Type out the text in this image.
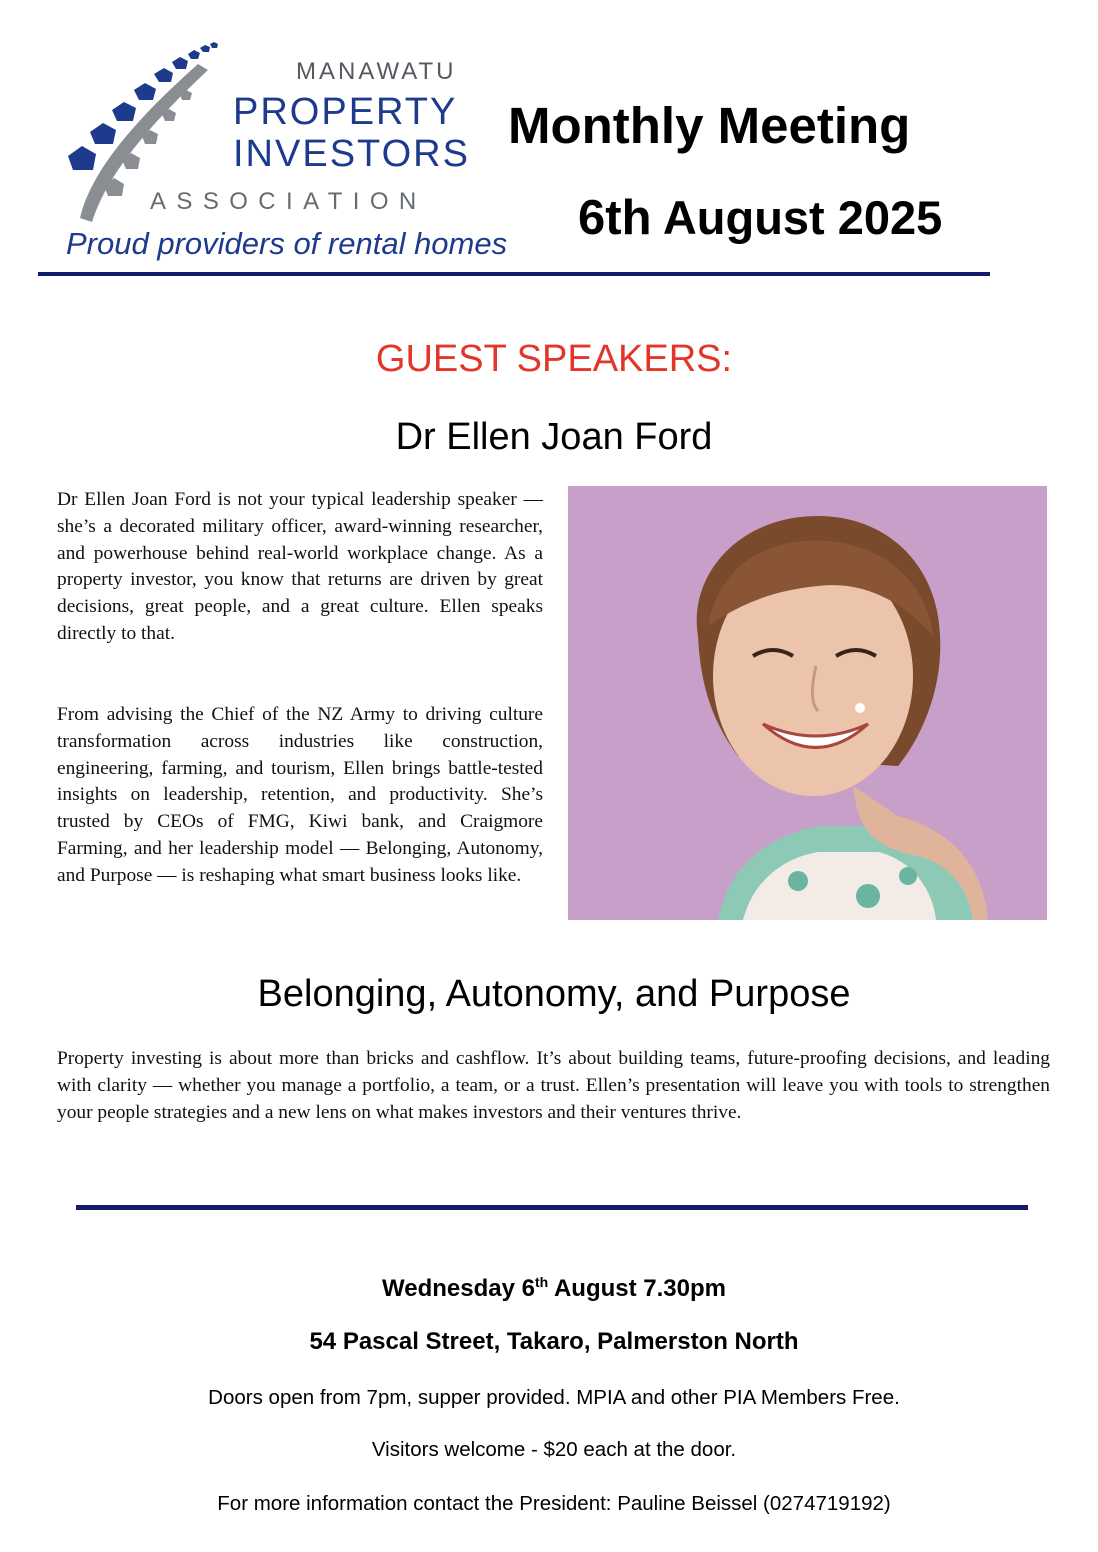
MANAWATU
PROPERTY
INVESTORS
ASSOCIATION
Proud providers of rental homes
Monthly Meeting
6th August 2025
GUEST SPEAKERS:
Dr Ellen Joan Ford
Dr Ellen Joan Ford is not your typical leadership speaker — she’s a decorated military officer, award-winning researcher, and powerhouse behind real-world workplace change. As a property investor, you know that returns are driven by great decisions, great people, and a great culture. Ellen speaks directly to that.
From advising the Chief of the NZ Army to driving culture transformation across industries like construction, engineering, farming, and tourism, Ellen brings battle-tested insights on leadership, retention, and productivity. She’s trusted by CEOs of FMG, Kiwi bank, and Craigmore Farming, and her leadership model — Belonging, Autonomy, and Purpose — is reshaping what smart business looks like.
Belonging, Autonomy, and Purpose
Property investing is about more than bricks and cashflow. It’s about building teams, future-proofing decisions, and leading with clarity — whether you manage a portfolio, a team, or a trust. Ellen’s presentation will leave you with tools to strengthen your people strategies and a new lens on what makes investors and their ventures thrive.
Wednesday 6th August 7.30pm
54 Pascal Street, Takaro, Palmerston North
Doors open from 7pm, supper provided. MPIA and other PIA Members Free.
Visitors welcome - $20 each at the door.
For more information contact the President: Pauline Beissel (0274719192)
